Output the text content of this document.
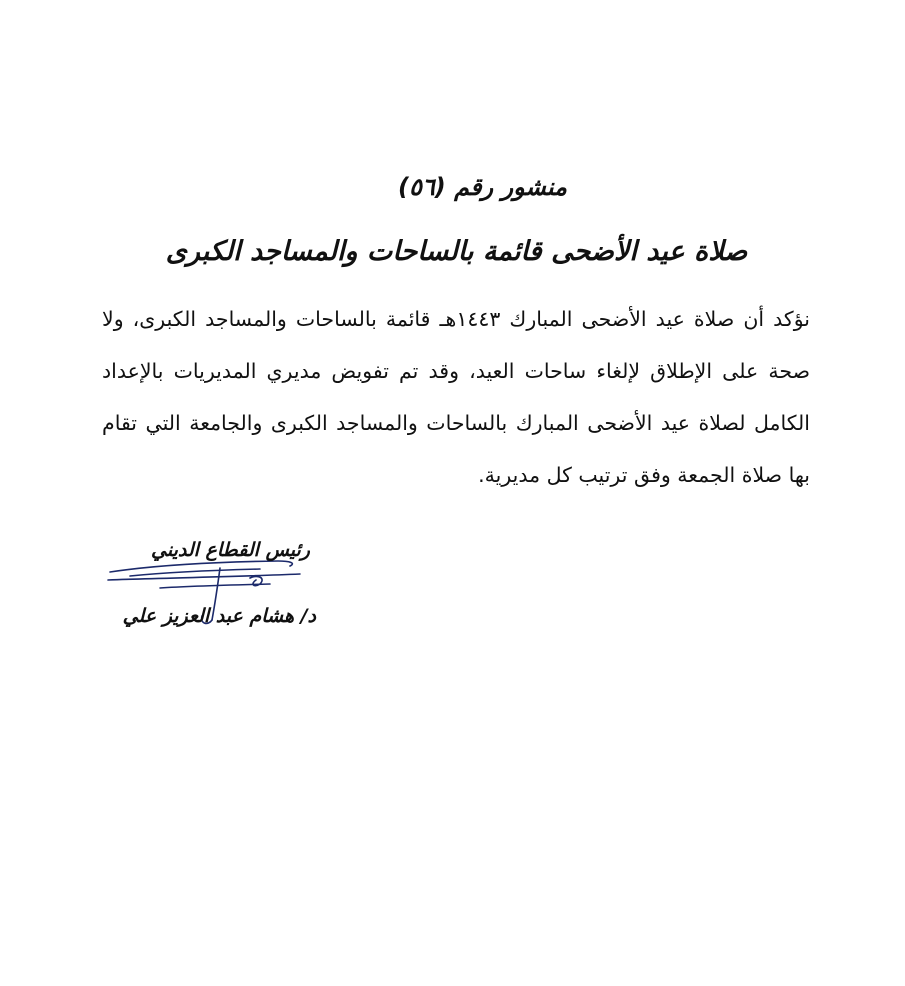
منشور رقم (٥٦)
صلاة عيد الأضحى قائمة بالساحات والمساجد الكبرى

نؤكد أن صلاة عيد الأضحى المبارك ١٤٤٣هـ قائمة بالساحات والمساجد الكبرى، ولا صحة على الإطلاق لإلغاء ساحات العيد، وقد تم تفويض مديري المديريات بالإعداد الكامل لصلاة عيد الأضحى المبارك بالساحات والمساجد الكبرى والجامعة التي تقام بها صلاة الجمعة وفق ترتيب كل مديرية.

رئيس القطاع الديني
د/ هشام عبد العزيز علي
